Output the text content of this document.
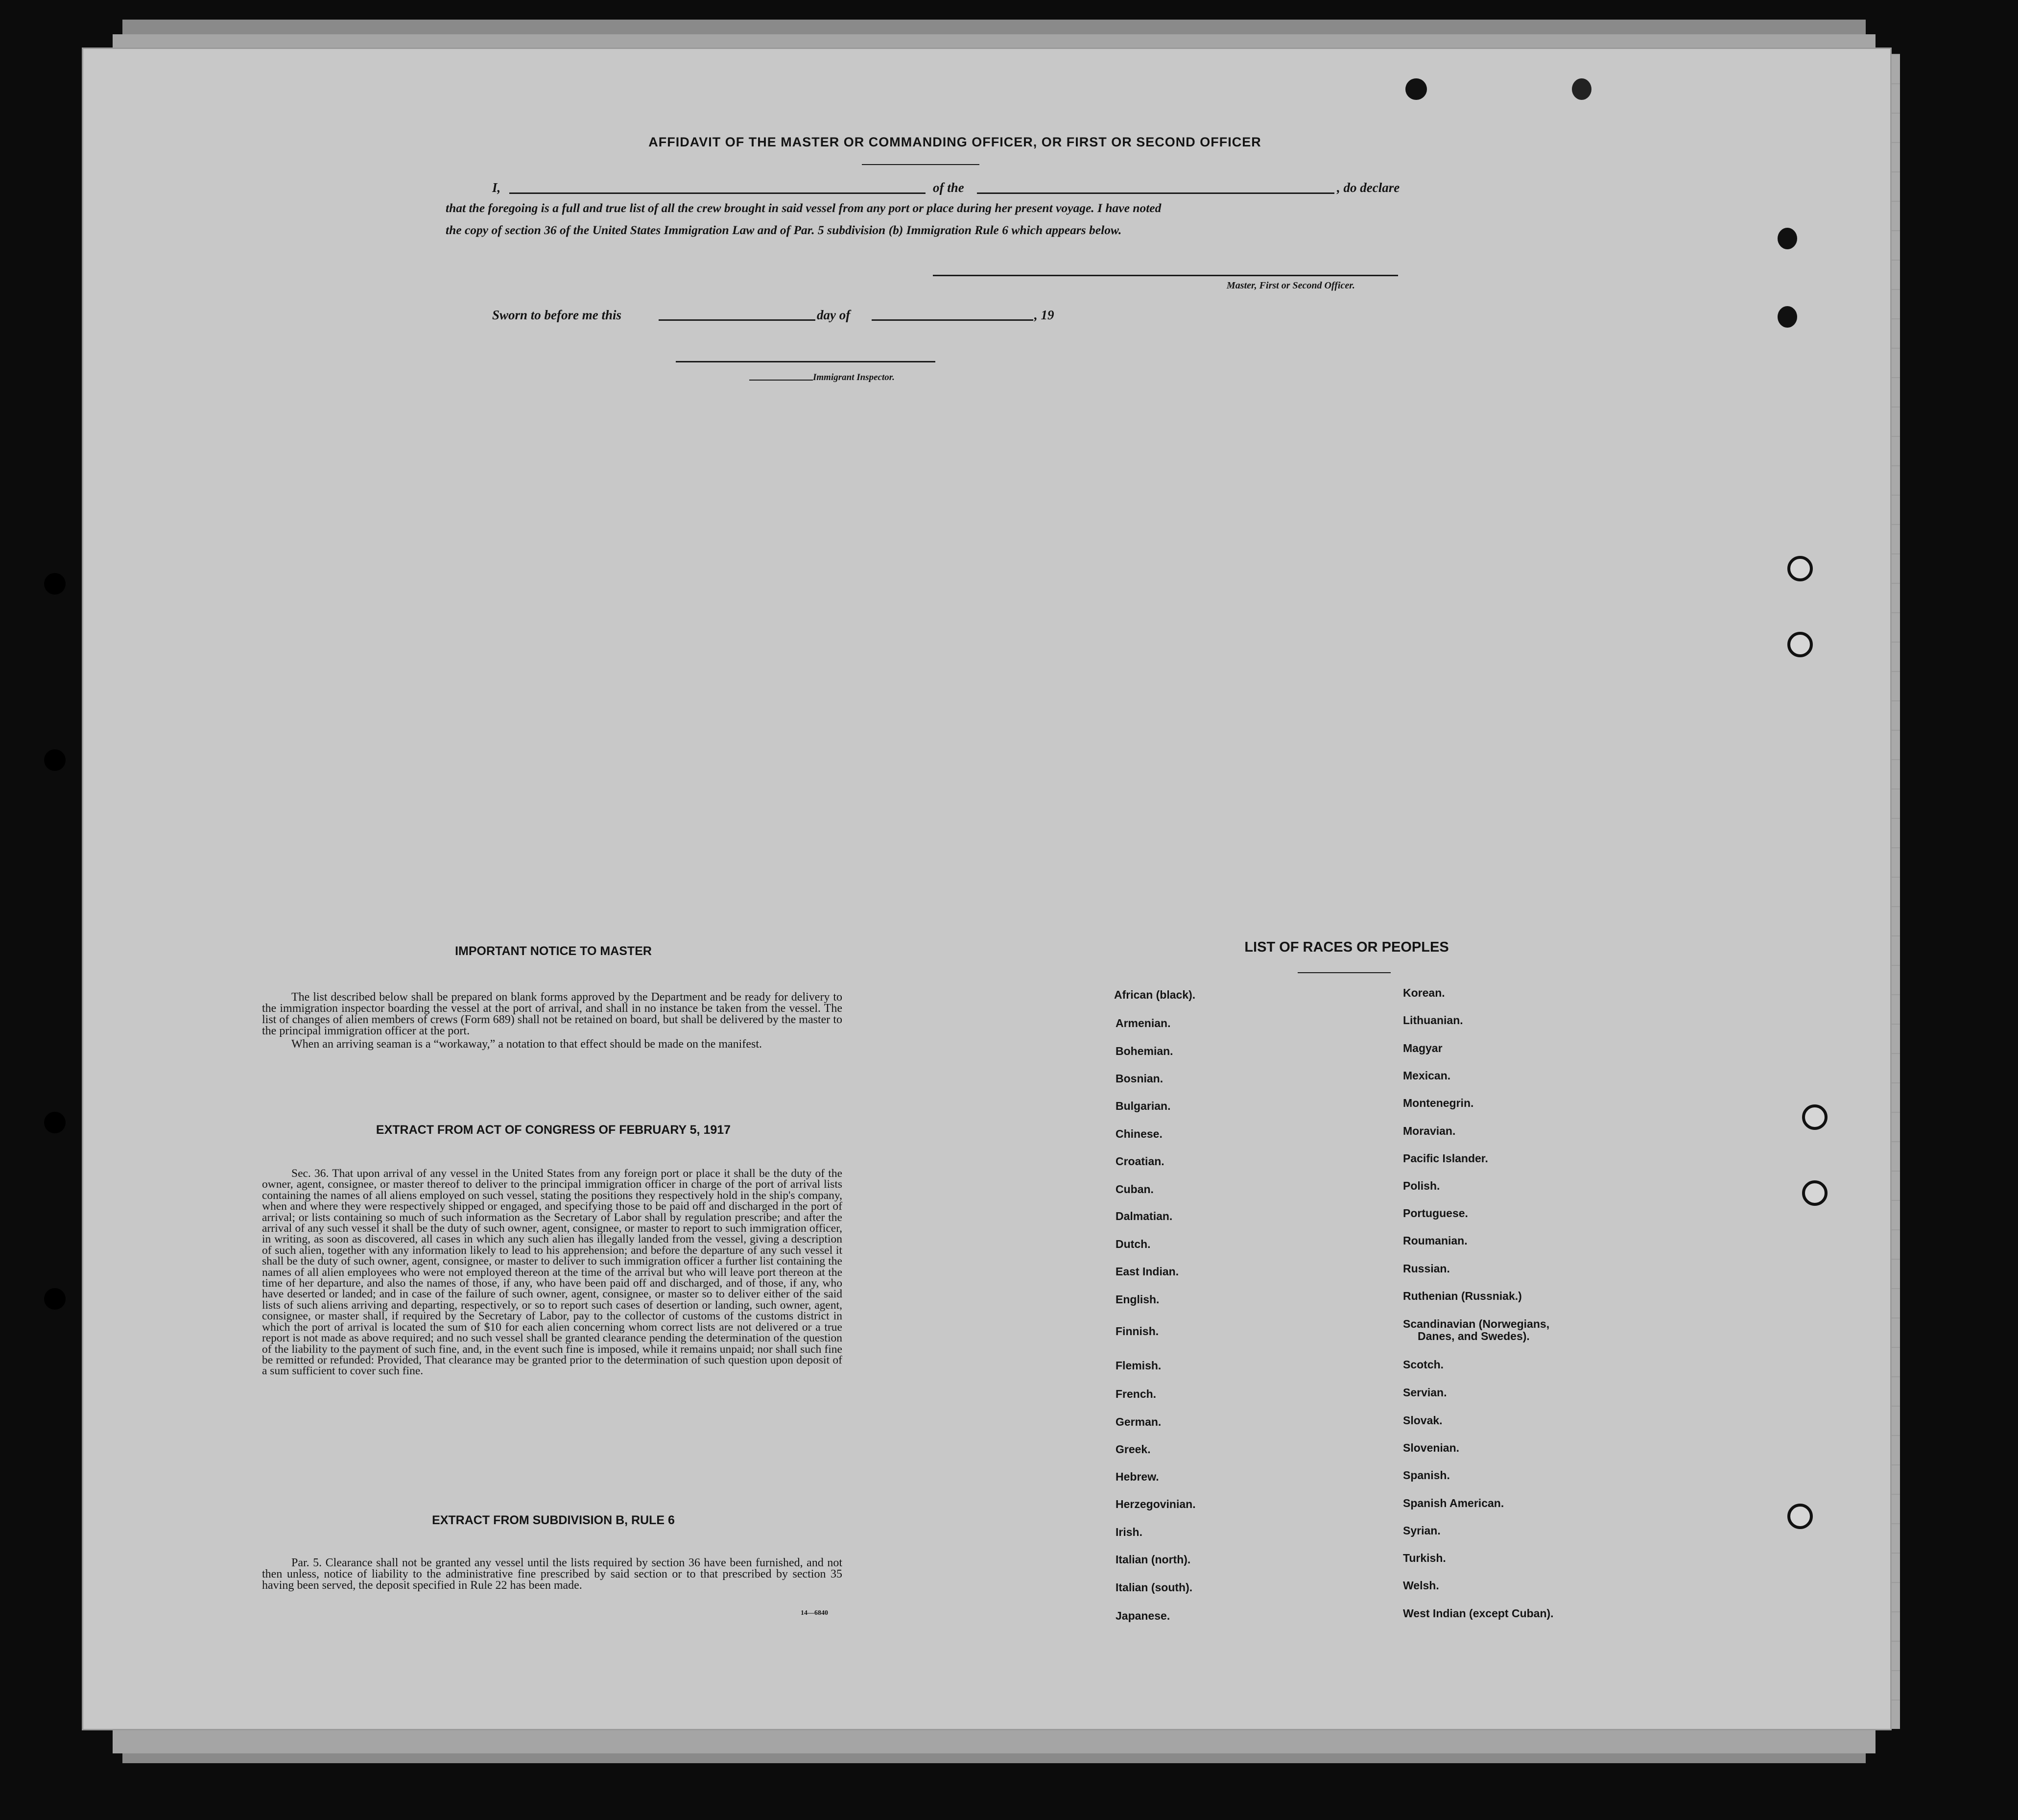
AFFIDAVIT OF THE MASTER OR COMMANDING OFFICER, OR FIRST OR SECOND OFFICER
I,	of the	, do declare
that the foregoing is a full and true list of all the crew brought in said vessel from any port or place during her present voyage. I have noted
the copy of section 36 of the United States Immigration Law and of Par. 5 subdivision (b) Immigration Rule 6 which appears below.
Master, First or Second Officer.
Sworn to before me this	day of	, 19
Immigrant Inspector.
IMPORTANT NOTICE TO MASTER

The list described below shall be prepared on blank forms approved by the Department and be ready for delivery to the immigration inspector boarding the vessel at the port of arrival, and shall in no instance be taken from the vessel. The list of changes of alien members of crews (Form 689) shall not be retained on board, but shall be delivered by the master to the principal immigration officer at the port.

When an arriving seaman is a “workaway,” a notation to that effect should be made on the manifest.

EXTRACT FROM ACT OF CONGRESS OF FEBRUARY 5, 1917

Sec. 36. That upon arrival of any vessel in the United States from any foreign port or place it shall be the duty of the owner, agent, consignee, or master thereof to deliver to the principal immigration officer in charge of the port of arrival lists containing the names of all aliens employed on such vessel, stating the positions they respectively hold in the ship's company, when and where they were respectively shipped or engaged, and specifying those to be paid off and discharged in the port of arrival; or lists containing so much of such information as the Secretary of Labor shall by regulation prescribe; and after the arrival of any such vessel it shall be the duty of such owner, agent, consignee, or master to report to such immigration officer, in writing, as soon as discovered, all cases in which any such alien has illegally landed from the vessel, giving a description of such alien, together with any information likely to lead to his apprehension; and before the departure of any such vessel it shall be the duty of such owner, agent, consignee, or master to deliver to such immigration officer a further list containing the names of all alien employees who were not employed thereon at the time of the arrival but who will leave port thereon at the time of her departure, and also the names of those, if any, who have been paid off and discharged, and of those, if any, who have deserted or landed; and in case of the failure of such owner, agent, consignee, or master so to deliver either of the said lists of such aliens arriving and departing, respectively, or so to report such cases of desertion or landing, such owner, agent, consignee, or master shall, if required by the Secretary of Labor, pay to the collector of customs of the customs district in which the port of arrival is located the sum of $10 for each alien concerning whom correct lists are not delivered or a true report is not made as above required; and no such vessel shall be granted clearance pending the determination of the question of the liability to the payment of such fine, and, in the event such fine is imposed, while it remains unpaid; nor shall such fine be remitted or refunded: Provided, That clearance may be granted prior to the determination of such question upon deposit of a sum sufficient to cover such fine.

EXTRACT FROM SUBDIVISION B, RULE 6

Par. 5. Clearance shall not be granted any vessel until the lists required by section 36 have been furnished, and not then unless, notice of liability to the administrative fine prescribed by said section or to that prescribed by section 35 having been served, the deposit specified in Rule 22 has been made.

14—6840
LIST OF RACES OR PEOPLES
African (black).
Armenian.
Bohemian.
Bosnian.
Bulgarian.
Chinese.
Croatian.
Cuban.
Dalmatian.
Dutch.
East Indian.
English.
Finnish.
Flemish.
French.
German.
Greek.
Hebrew.
Herzegovinian.
Irish.
Italian (north).
Italian (south).
Japanese.
Korean.
Lithuanian.
Magyar
Mexican.
Montenegrin.
Moravian.
Pacific Islander.
Polish.
Portuguese.
Roumanian.
Russian.
Ruthenian (Russniak.)
Scandinavian (Norwegians,
Danes, and Swedes).
Scotch.
Servian.
Slovak.
Slovenian.
Spanish.
Spanish American.
Syrian.
Turkish.
Welsh.
West Indian (except Cuban).
